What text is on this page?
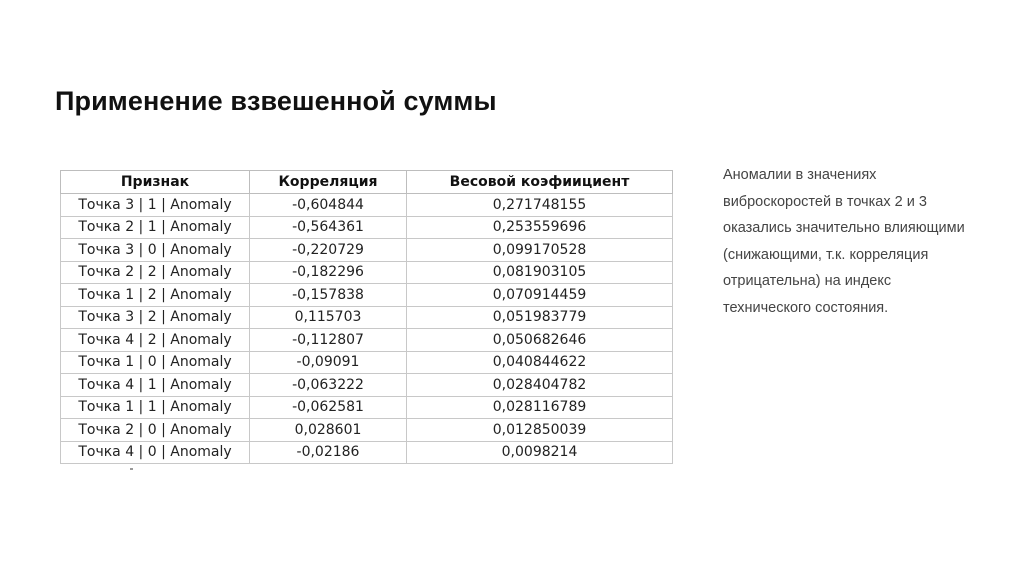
Применение взвешенной суммы
Признак	Корреляция	Весовой коэфиициент
Точка 3 | 1 | Anomaly	-0,604844	0,271748155
Точка 2 | 1 | Anomaly	-0,564361	0,253559696
Точка 3 | 0 | Anomaly	-0,220729	0,099170528
Точка 2 | 2 | Anomaly	-0,182296	0,081903105
Точка 1 | 2 | Anomaly	-0,157838	0,070914459
Точка 3 | 2 | Anomaly	0,115703	0,051983779
Точка 4 | 2 | Anomaly	-0,112807	0,050682646
Точка 1 | 0 | Anomaly	-0,09091	0,040844622
Точка 4 | 1 | Anomaly	-0,063222	0,028404782
Точка 1 | 1 | Anomaly	-0,062581	0,028116789
Точка 2 | 0 | Anomaly	0,028601	0,012850039
Точка 4 | 0 | Anomaly	-0,02186	0,0098214

Аномалии в значениях виброскоростей в точках 2 и 3 оказались значительно влияющими (снижающими, т.к. корреляция отрицательна) на индекс технического состояния.
